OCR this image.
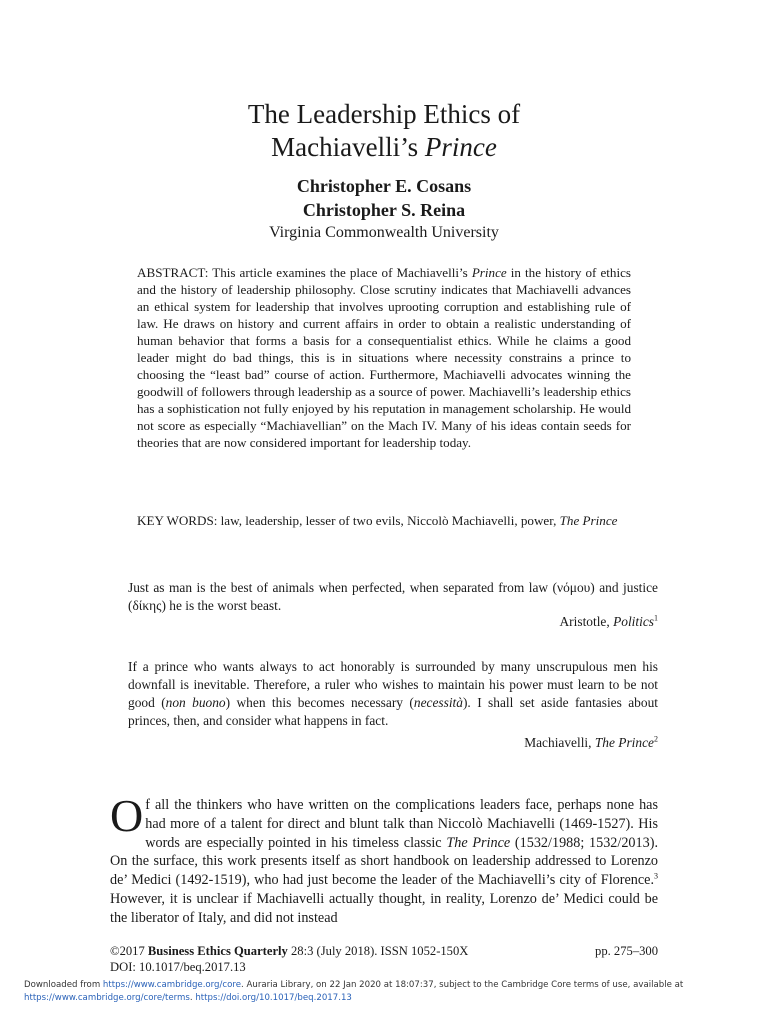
The Leadership Ethics of
Machiavelli’s Prince
Christopher E. Cosans
Christopher S. Reina
Virginia Commonwealth University
ABSTRACT: This article examines the place of Machiavelli’s Prince in the history of ethics and the history of leadership philosophy. Close scrutiny indicates that Machiavelli advances an ethical system for leadership that involves uprooting corruption and establishing rule of law. He draws on history and current affairs in order to obtain a realistic understanding of human behavior that forms a basis for a consequentialist ethics. While he claims a good leader might do bad things, this is in situations where necessity constrains a prince to choosing the “least bad” course of action. Furthermore, Machiavelli advocates winning the goodwill of followers through leadership as a source of power. Machiavelli’s leadership ethics has a sophistication not fully enjoyed by his reputation in management scholarship. He would not score as especially “Machiavellian” on the Mach IV. Many of his ideas contain seeds for theories that are now considered important for leadership today.
KEY WORDS: law, leadership, lesser of two evils, Niccolò Machiavelli, power, The Prince
Just as man is the best of animals when perfected, when separated from law (νόμου) and justice (δίκης) he is the worst beast.
Aristotle, Politics$^1$
If a prince who wants always to act honorably is surrounded by many unscrupulous men his downfall is inevitable. Therefore, a ruler who wishes to maintain his power must learn to be not good (non buono) when this becomes necessary (necessità). I shall set aside fantasies about princes, then, and consider what happens in fact.
Machiavelli, The Prince$^2$
Of all the thinkers who have written on the complications leaders face, perhaps none has had more of a talent for direct and blunt talk than Niccolò Machiavelli (1469-1527). His words are especially pointed in his timeless classic The Prince (1532/1988; 1532/2013). On the surface, this work presents itself as short handbook on leadership addressed to Lorenzo de’ Medici (1492-1519), who had just become the leader of the Machiavelli’s city of Florence.$^3$ However, it is unclear if Machiavelli actually thought, in reality, Lorenzo de’ Medici could be the liberator of Italy, and did not instead
©2017 Business Ethics Quarterly 28:3 (July 2018). ISSN 1052-150X
DOI: 10.1017/beq.2017.13
pp. 275–300
Downloaded from https://www.cambridge.org/core. Auraria Library, on 22 Jan 2020 at 18:07:37, subject to the Cambridge Core terms of use, available at
https://www.cambridge.org/core/terms. https://doi.org/10.1017/beq.2017.13
